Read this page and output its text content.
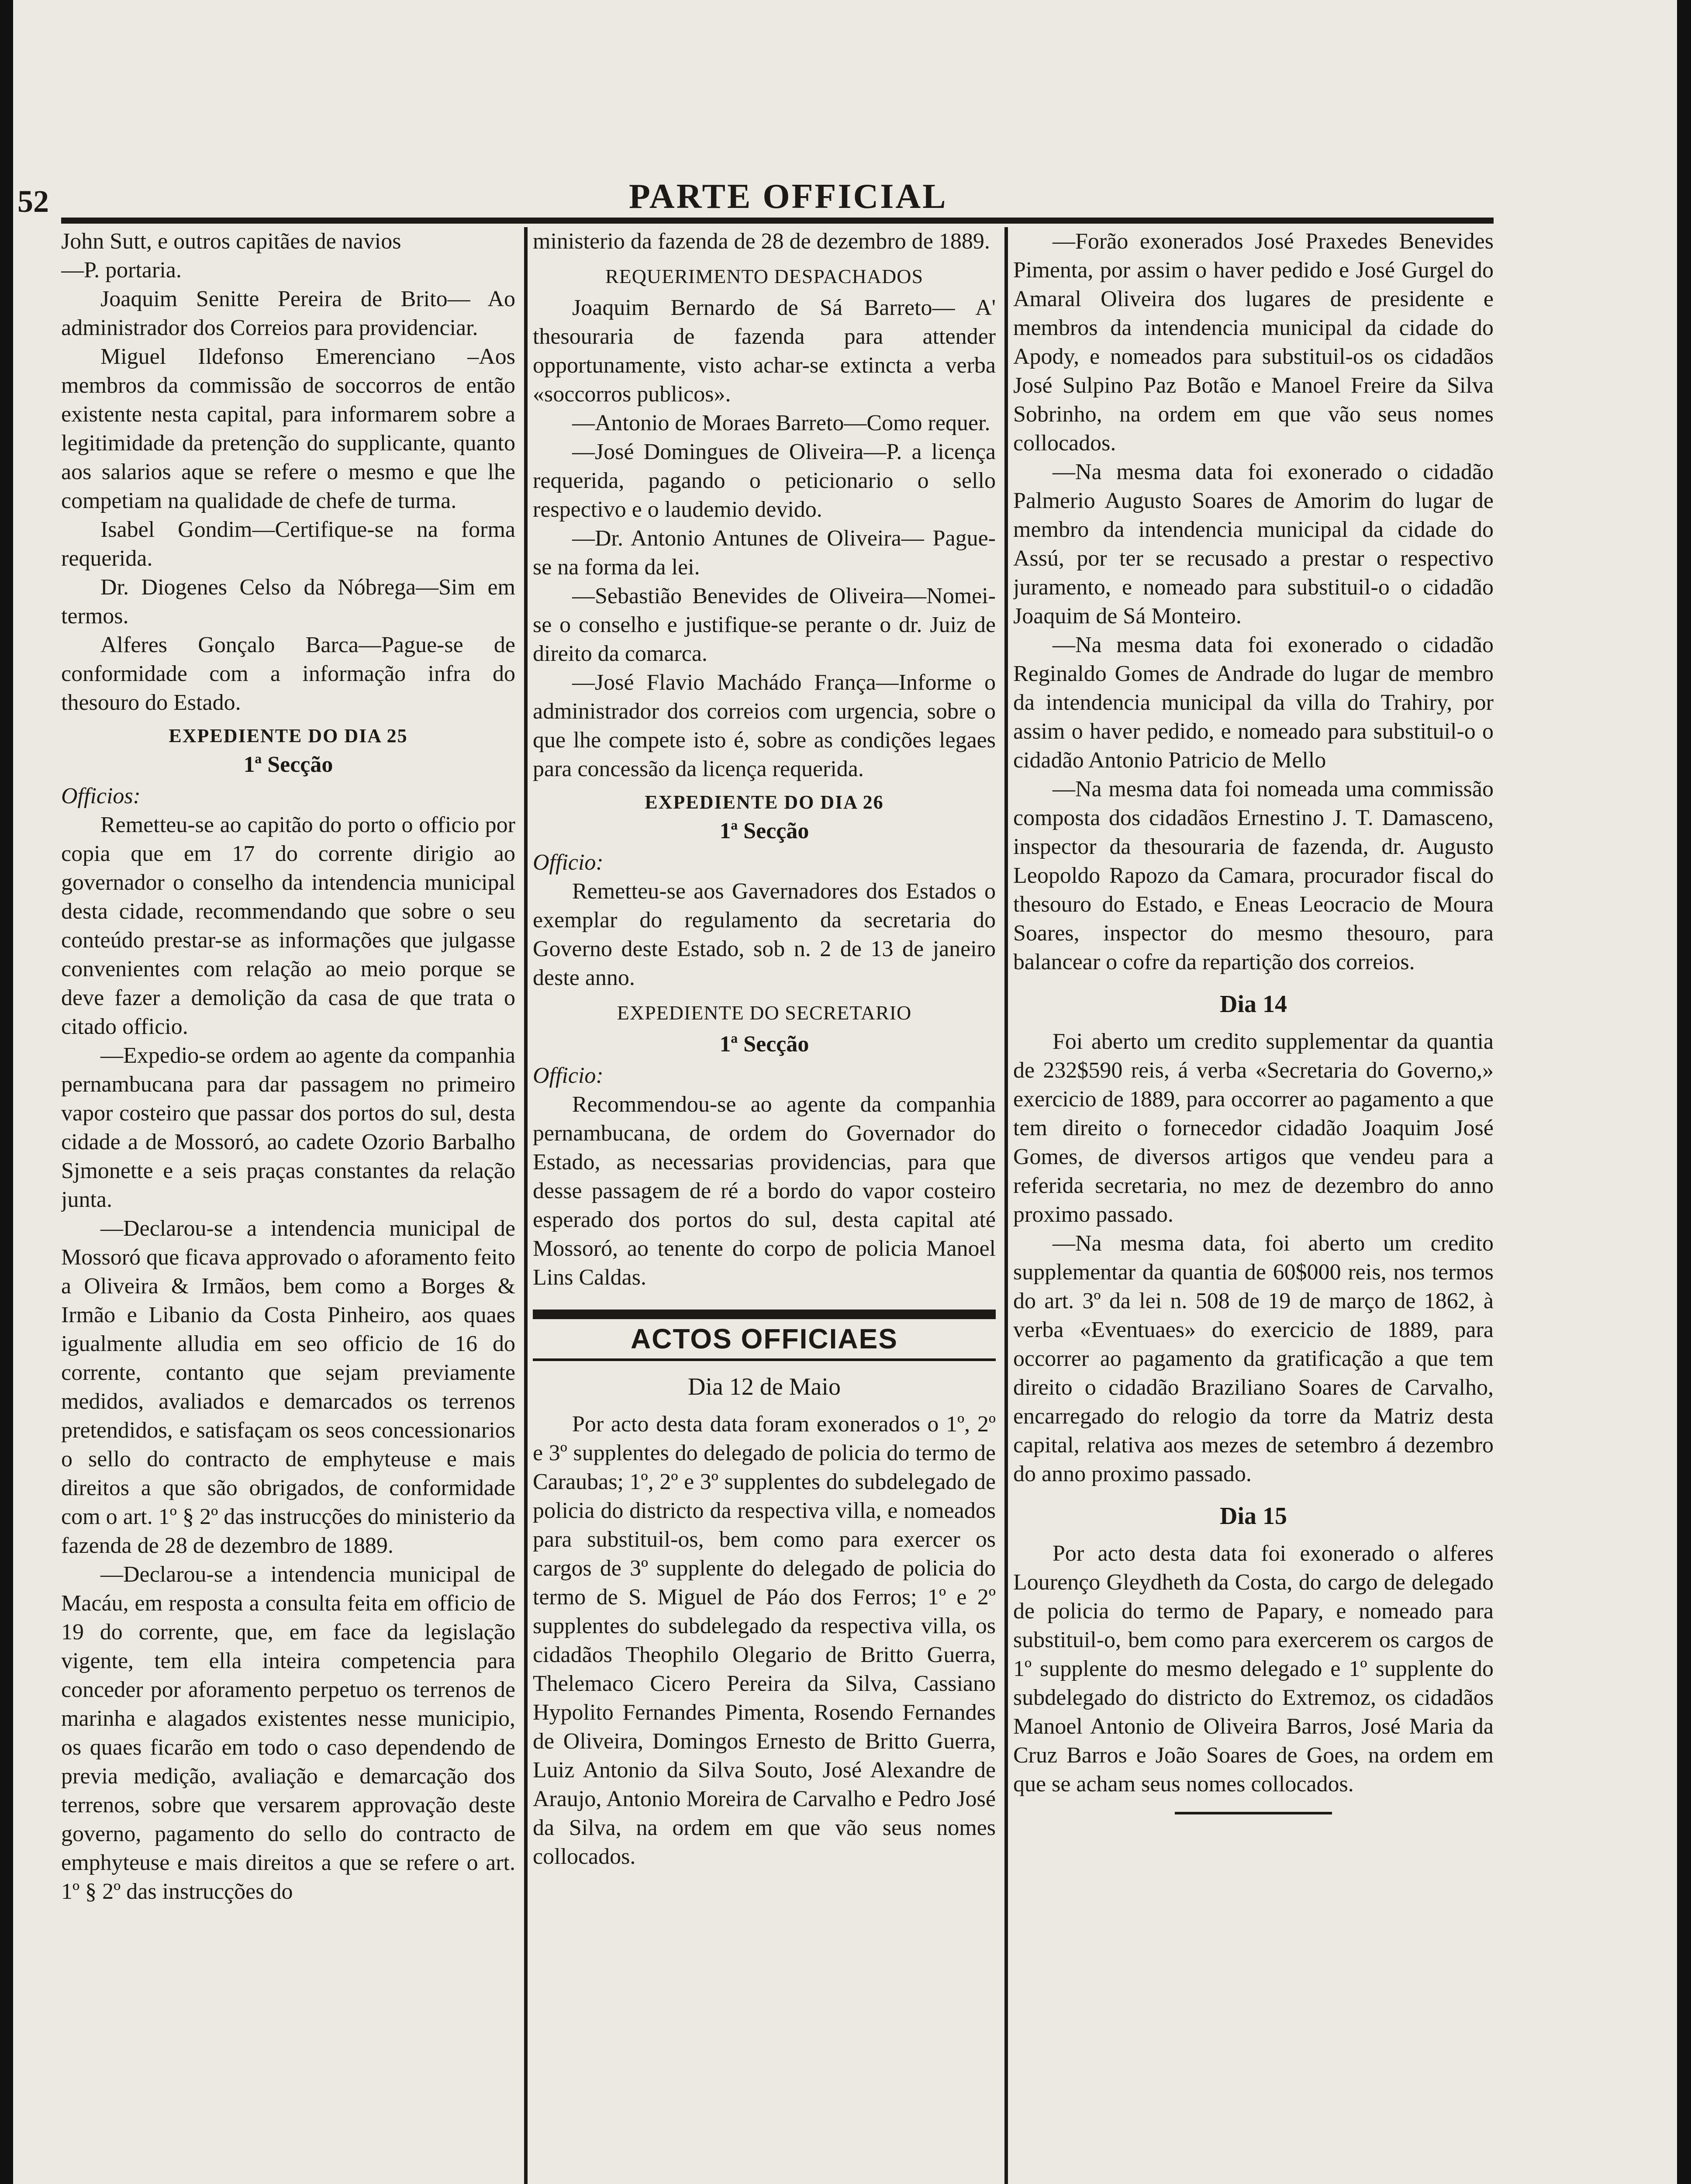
52	PARTE OFFICIAL

John Sutt, e outros capitães de navios

—P. portaria.

Joaquim Senitte Pereira de Brito— Ao administrador dos Correios para providenciar.

Miguel Ildefonso Emerenciano –Aos membros da commissão de soccorros de então existente nesta capital, para informarem sobre a legitimidade da pretenção do supplicante, quanto aos salarios aque se refere o mesmo e que lhe competiam na qualidade de chefe de turma.

Isabel Gondim—Certifique-se na forma requerida.

Dr. Diogenes Celso da Nóbrega—Sim em termos.

Alferes Gonçalo Barca—Pague-se de conformidade com a informação infra do thesouro do Estado.

EXPEDIENTE DO DIA 25

1ª Secção

Officios:

Remetteu-se ao capitão do porto o officio por copia que em 17 do corrente dirigio ao governador o conselho da intendencia municipal desta cidade, recommendando que sobre o seu conteúdo prestar-se as informações que julgasse convenientes com relação ao meio porque se deve fazer a demolição da casa de que trata o citado officio.

—Expedio-se ordem ao agente da companhia pernambucana para dar passagem no primeiro vapor costeiro que passar dos portos do sul, desta cidade a de Mossoró, ao cadete Ozorio Barbalho Sjmonette e a seis praças constantes da relação junta.

—Declarou-se a intendencia municipal de Mossoró que ficava approvado o aforamento feito a Oliveira & Irmãos, bem como a Borges & Irmão e Libanio da Costa Pinheiro, aos quaes igualmente alludia em seo officio de 16 do corrente, contanto que sejam previamente medidos, avaliados e demarcados os terrenos pretendidos, e satisfaçam os seos concessionarios o sello do contracto de emphyteuse e mais direitos a que são obrigados, de conformidade com o art. 1º § 2º das instrucções do ministerio da fazenda de 28 de dezembro de 1889.

—Declarou-se a intendencia municipal de Macáu, em resposta a consulta feita em officio de 19 do corrente, que, em face da legislação vigente, tem ella inteira competencia para conceder por aforamento perpetuo os terrenos de marinha e alagados existentes nesse municipio, os quaes ficarão em todo o caso dependendo de previa medição, avaliação e demarcação dos terrenos, sobre que versarem approvação deste governo, pagamento do sello do contracto de emphyteuse e mais direitos a que se refere o art. 1º § 2º das instrucções do

ministerio da fazenda de 28 de dezembro de 1889.

REQUERIMENTO DESPACHADOS

Joaquim Bernardo de Sá Barreto— A' thesouraria de fazenda para attender opportunamente, visto achar-se extincta a verba «soccorros publicos».

—Antonio de Moraes Barreto—Como requer.

—José Domingues de Oliveira—P. a licença requerida, pagando o peticionario o sello respectivo e o laudemio devido.

—Dr. Antonio Antunes de Oliveira— Pague-se na forma da lei.

—Sebastião Benevides de Oliveira—Nomei-se o conselho e justifique-se perante o dr. Juiz de direito da comarca.

—José Flavio Machádo França—Informe o administrador dos correios com urgencia, sobre o que lhe compete isto é, sobre as condições legaes para concessão da licença requerida.

EXPEDIENTE DO DIA 26

1ª Secção

Officio:

Remetteu-se aos Gavernadores dos Estados o exemplar do regulamento da secretaria do Governo deste Estado, sob n. 2 de 13 de janeiro deste anno.

EXPEDIENTE DO SECRETARIO

1ª Secção

Officio:

Recommendou-se ao agente da companhia pernambucana, de ordem do Governador do Estado, as necessarias providencias, para que desse passagem de ré a bordo do vapor costeiro esperado dos portos do sul, desta capital até Mossoró, ao tenente do corpo de policia Manoel Lins Caldas.

ACTOS OFFICIAES

Dia 12 de Maio

Por acto desta data foram exonerados o 1º, 2º e 3º supplentes do delegado de policia do termo de Caraubas; 1º, 2º e 3º supplentes do subdelegado de policia do districto da respectiva villa, e nomeados para substituil-os, bem como para exercer os cargos de 3º supplente do delegado de policia do termo de S. Miguel de Páo dos Ferros; 1º e 2º supplentes do subdelegado da respectiva villa, os cidadãos Theophilo Olegario de Britto Guerra, Thelemaco Cicero Pereira da Silva, Cassiano Hypolito Fernandes Pimenta, Rosendo Fernandes de Oliveira, Domingos Ernesto de Britto Guerra, Luiz Antonio da Silva Souto, José Alexandre de Araujo, Antonio Moreira de Carvalho e Pedro José da Silva, na ordem em que vão seus nomes collocados.

—Forão exonerados José Praxedes Benevides Pimenta, por assim o haver pedido e José Gurgel do Amaral Oliveira dos lugares de presidente e membros da intendencia municipal da cidade do Apody, e nomeados para substituil-os os cidadãos José Sulpino Paz Botão e Manoel Freire da Silva Sobrinho, na ordem em que vão seus nomes collocados.

—Na mesma data foi exonerado o cidadão Palmerio Augusto Soares de Amorim do lugar de membro da intendencia municipal da cidade do Assú, por ter se recusado a prestar o respectivo juramento, e nomeado para substituil-o o cidadão Joaquim de Sá Monteiro.

—Na mesma data foi exonerado o cidadão Reginaldo Gomes de Andrade do lugar de membro da intendencia municipal da villa do Trahiry, por assim o haver pedido, e nomeado para substituil-o o cidadão Antonio Patricio de Mello

—Na mesma data foi nomeada uma commissão composta dos cidadãos Ernestino J. T. Damasceno, inspector da thesouraria de fazenda, dr. Augusto Leopoldo Rapozo da Camara, procurador fiscal do thesouro do Estado, e Eneas Leocracio de Moura Soares, inspector do mesmo thesouro, para balancear o cofre da repartição dos correios.

Dia 14

Foi aberto um credito supplementar da quantia de 232$590 reis, á verba «Secretaria do Governo,» exercicio de 1889, para occorrer ao pagamento a que tem direito o fornecedor cidadão Joaquim José Gomes, de diversos artigos que vendeu para a referida secretaria, no mez de dezembro do anno proximo passado.

—Na mesma data, foi aberto um credito supplementar da quantia de 60$000 reis, nos termos do art. 3º da lei n. 508 de 19 de março de 1862, à verba «Eventuaes» do exercicio de 1889, para occorrer ao pagamento da gratificação a que tem direito o cidadão Braziliano Soares de Carvalho, encarregado do relogio da torre da Matriz desta capital, relativa aos mezes de setembro á dezembro do anno proximo passado.

Dia 15

Por acto desta data foi exonerado o alferes Lourenço Gleydheth da Costa, do cargo de delegado de policia do termo de Papary, e nomeado para substituil-o, bem como para exercerem os cargos de 1º supplente do mesmo delegado e 1º supplente do subdelegado do districto do Extremoz, os cidadãos Manoel Antonio de Oliveira Barros, José Maria da Cruz Barros e João Soares de Goes, na ordem em que se acham seus nomes collocados.
